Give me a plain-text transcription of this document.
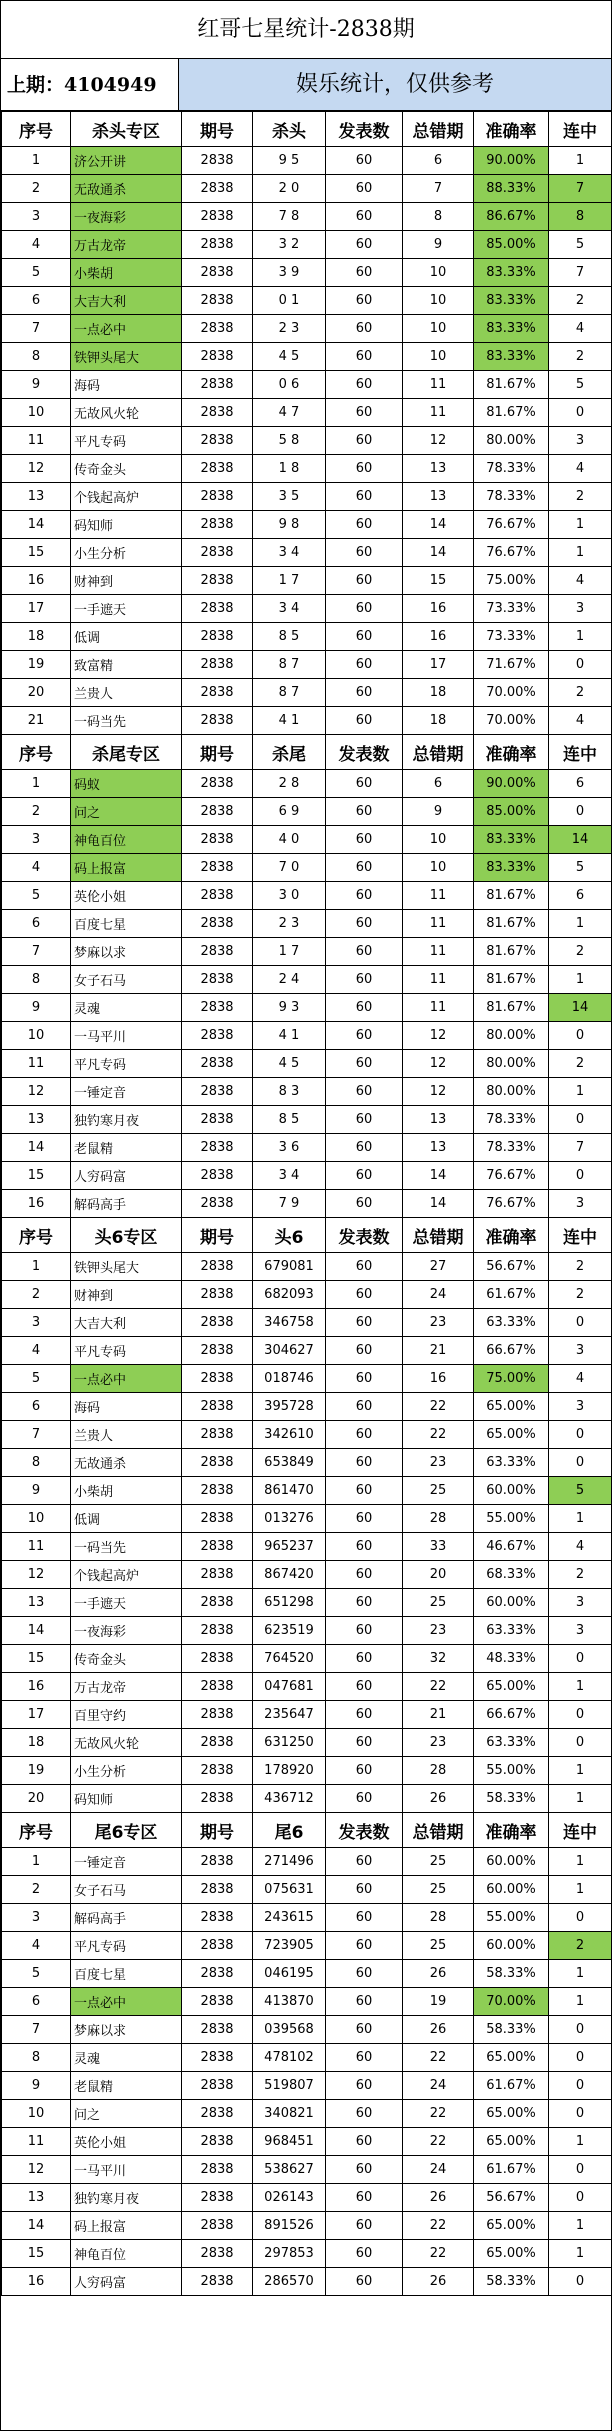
红哥七星统计-2838期
上期：4104949	娱乐统计，仅供参考
序号	杀头专区	期号	杀头	发表数	总错期	准确率	连中
1	济公开讲	2838	9 5	60	6	90.00%	1
2	无敌通杀	2838	2 0	60	7	88.33%	7
3	一夜海彩	2838	7 8	60	8	86.67%	8
4	万古龙帝	2838	3 2	60	9	85.00%	5
5	小柴胡	2838	3 9	60	10	83.33%	7
6	大吉大利	2838	0 1	60	10	83.33%	2
7	一点必中	2838	2 3	60	10	83.33%	4
8	铁钾头尾大	2838	4 5	60	10	83.33%	2
9	海码	2838	0 6	60	11	81.67%	5
10	无故风火轮	2838	4 7	60	11	81.67%	0
11	平凡专码	2838	5 8	60	12	80.00%	3
12	传奇金头	2838	1 8	60	13	78.33%	4
13	个钱起高炉	2838	3 5	60	13	78.33%	2
14	码知师	2838	9 8	60	14	76.67%	1
15	小生分析	2838	3 4	60	14	76.67%	1
16	财神到	2838	1 7	60	15	75.00%	4
17	一手遮天	2838	3 4	60	16	73.33%	3
18	低调	2838	8 5	60	16	73.33%	1
19	致富精	2838	8 7	60	17	71.67%	0
20	兰贵人	2838	8 7	60	18	70.00%	2
21	一码当先	2838	4 1	60	18	70.00%	4
序号	杀尾专区	期号	杀尾	发表数	总错期	准确率	连中
1	码蚁	2838	2 8	60	6	90.00%	6
2	问之	2838	6 9	60	9	85.00%	0
3	神龟百位	2838	4 0	60	10	83.33%	14
4	码上报富	2838	7 0	60	10	83.33%	5
5	英伦小姐	2838	3 0	60	11	81.67%	6
6	百度七星	2838	2 3	60	11	81.67%	1
7	梦麻以求	2838	1 7	60	11	81.67%	2
8	女子石马	2838	2 4	60	11	81.67%	1
9	灵魂	2838	9 3	60	11	81.67%	14
10	一马平川	2838	4 1	60	12	80.00%	0
11	平凡专码	2838	4 5	60	12	80.00%	2
12	一锤定音	2838	8 3	60	12	80.00%	1
13	独钓寒月夜	2838	8 5	60	13	78.33%	0
14	老鼠精	2838	3 6	60	13	78.33%	7
15	人穷码富	2838	3 4	60	14	76.67%	0
16	解码高手	2838	7 9	60	14	76.67%	3
序号	头6专区	期号	头6	发表数	总错期	准确率	连中
1	铁钾头尾大	2838	679081	60	27	56.67%	2
2	财神到	2838	682093	60	24	61.67%	2
3	大吉大利	2838	346758	60	23	63.33%	0
4	平凡专码	2838	304627	60	21	66.67%	3
5	一点必中	2838	018746	60	16	75.00%	4
6	海码	2838	395728	60	22	65.00%	3
7	兰贵人	2838	342610	60	22	65.00%	0
8	无故通杀	2838	653849	60	23	63.33%	0
9	小柴胡	2838	861470	60	25	60.00%	5
10	低调	2838	013276	60	28	55.00%	1
11	一码当先	2838	965237	60	33	46.67%	4
12	个钱起高炉	2838	867420	60	20	68.33%	2
13	一手遮天	2838	651298	60	25	60.00%	3
14	一夜海彩	2838	623519	60	23	63.33%	3
15	传奇金头	2838	764520	60	32	48.33%	0
16	万古龙帝	2838	047681	60	22	65.00%	1
17	百里守约	2838	235647	60	21	66.67%	0
18	无故风火轮	2838	631250	60	23	63.33%	0
19	小生分析	2838	178920	60	28	55.00%	1
20	码知师	2838	436712	60	26	58.33%	1
序号	尾6专区	期号	尾6	发表数	总错期	准确率	连中
1	一锤定音	2838	271496	60	25	60.00%	1
2	女子石马	2838	075631	60	25	60.00%	1
3	解码高手	2838	243615	60	28	55.00%	0
4	平凡专码	2838	723905	60	25	60.00%	2
5	百度七星	2838	046195	60	26	58.33%	1
6	一点必中	2838	413870	60	19	70.00%	1
7	梦麻以求	2838	039568	60	26	58.33%	0
8	灵魂	2838	478102	60	22	65.00%	0
9	老鼠精	2838	519807	60	24	61.67%	0
10	问之	2838	340821	60	22	65.00%	0
11	英伦小姐	2838	968451	60	22	65.00%	1
12	一马平川	2838	538627	60	24	61.67%	0
13	独钓寒月夜	2838	026143	60	26	56.67%	0
14	码上报富	2838	891526	60	22	65.00%	1
15	神龟百位	2838	297853	60	22	65.00%	1
16	人穷码富	2838	286570	60	26	58.33%	0
